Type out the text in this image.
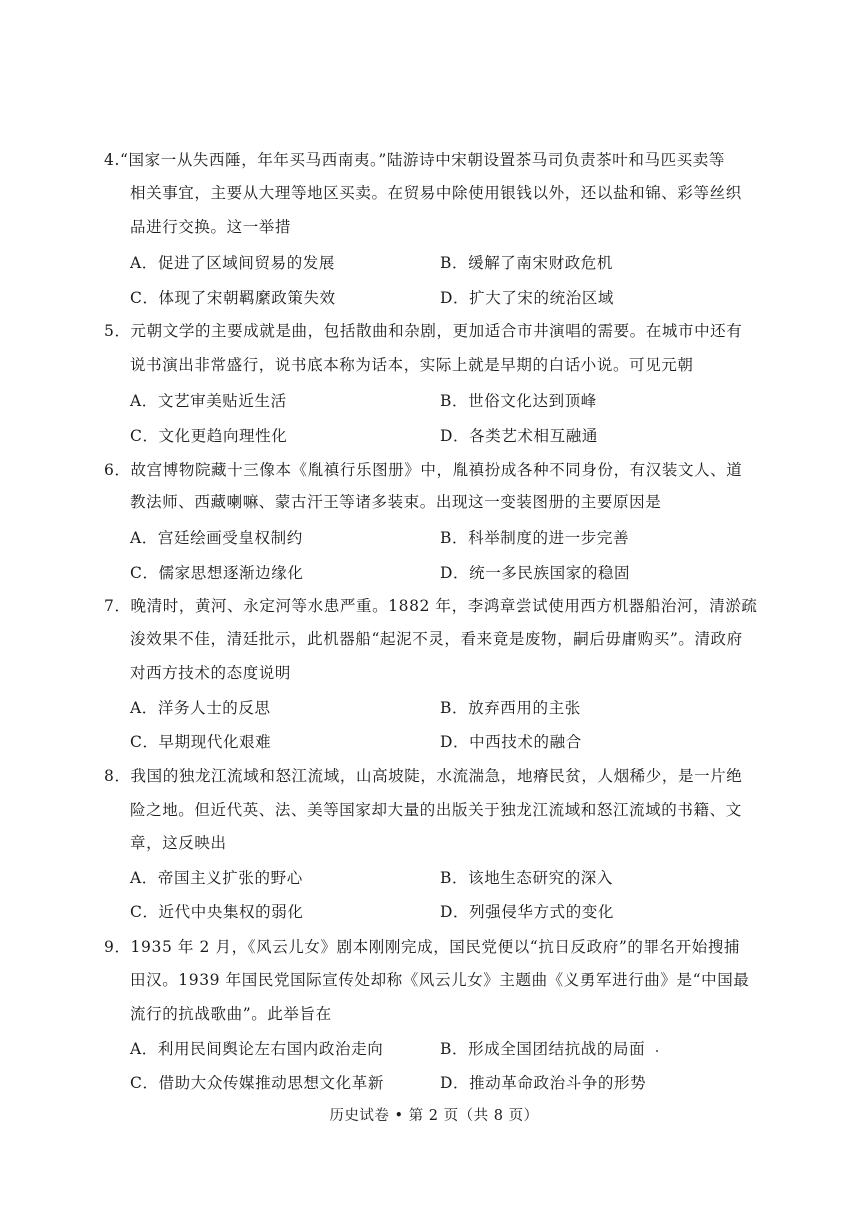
4.“国家一从失西陲，年年买马西南夷。”陆游诗中宋朝设置茶马司负责茶叶和马匹买卖等
相关事宜，主要从大理等地区买卖。在贸易中除使用银钱以外，还以盐和锦、彩等丝织
品进行交换。这一举措
A．促进了区域间贸易的发展	B．缓解了南宋财政危机
C．体现了宋朝羁縻政策失效	D．扩大了宋的统治区域
5．元朝文学的主要成就是曲，包括散曲和杂剧，更加适合市井演唱的需要。在城市中还有
说书演出非常盛行，说书底本称为话本，实际上就是早期的白话小说。可见元朝
A．文艺审美贴近生活	B．世俗文化达到顶峰
C．文化更趋向理性化	D．各类艺术相互融通
6．故宫博物院藏十三像本《胤禛行乐图册》中，胤禛扮成各种不同身份，有汉装文人、道
教法师、西藏喇嘛、蒙古汗王等诸多装束。出现这一变装图册的主要原因是
A．宫廷绘画受皇权制约	B．科举制度的进一步完善
C．儒家思想逐渐边缘化	D．统一多民族国家的稳固
7．晚清时，黄河、永定河等水患严重。1882 年，李鸿章尝试使用西方机器船治河，清淤疏
浚效果不佳，清廷批示，此机器船“起泥不灵，看来竟是废物，嗣后毋庸购买”。清政府
对西方技术的态度说明
A．洋务人士的反思	B．放弃西用的主张
C．早期现代化艰难	D．中西技术的融合
8．我国的独龙江流域和怒江流域，山高坡陡，水流湍急，地瘠民贫，人烟稀少，是一片绝
险之地。但近代英、法、美等国家却大量的出版关于独龙江流域和怒江流域的书籍、文
章，这反映出
A．帝国主义扩张的野心	B．该地生态研究的深入
C．近代中央集权的弱化	D．列强侵华方式的变化
9．1935 年 2 月，《风云儿女》剧本刚刚完成，国民党便以“抗日反政府”的罪名开始搜捕
田汉。1939 年国民党国际宣传处却称《风云儿女》主题曲《义勇军进行曲》是“中国最
流行的抗战歌曲”。此举旨在
A．利用民间舆论左右国内政治走向	B．形成全国团结抗战的局面
C．借助大众传媒推动思想文化革新	D．推动革命政治斗争的形势
历史试卷 • 第 2 页（共 8 页）
